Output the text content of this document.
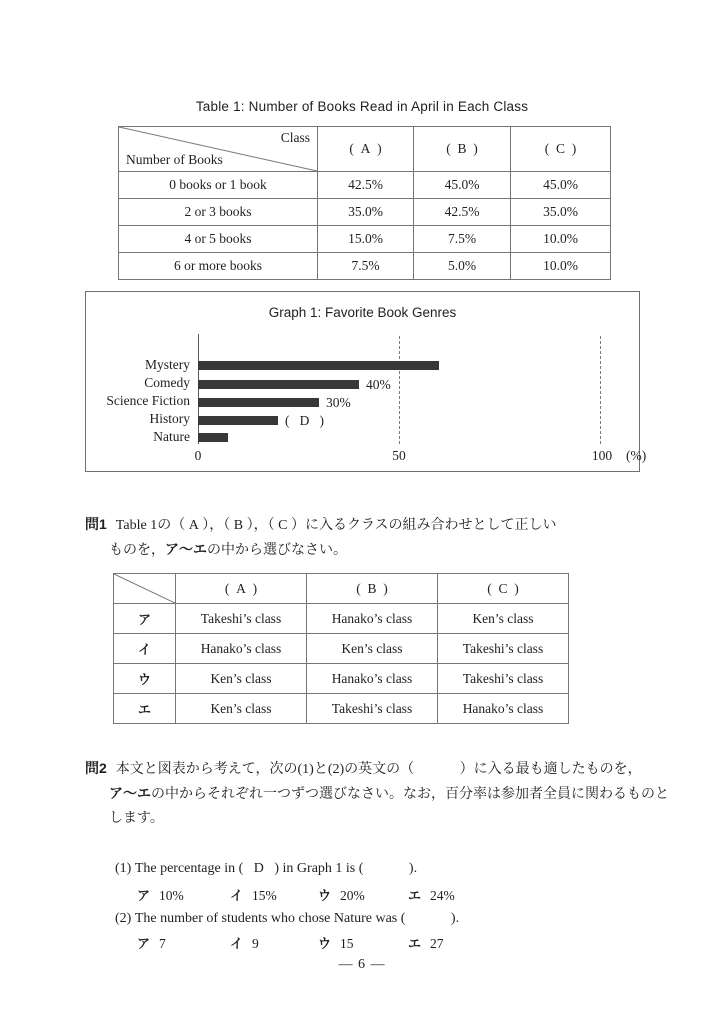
Table 1: Number of Books Read in April in Each Class
Class
Number of Books	(  A  )	(  B  )	(  C  )
0 books or 1 book	42.5%	45.0%	45.0%
2 or 3 books	35.0%	42.5%	35.0%
4 or 5 books	15.0%	7.5%	10.0%
6 or more books	7.5%	5.0%	10.0%
Graph 1: Favorite Book Genres
Mystery
Comedy
Science Fiction
History
Nature
40%
30%
(   D   )
0	50	100	(%)
問1 Table 1の（ A ），（ B ），（ C ）に入るクラスの組み合わせとして正しい
ものを，ア～エの中から選びなさい。
	(  A  )	(  B  )	(  C  )
ア	Takeshi’s class	Hanako’s class	Ken’s class
イ	Hanako’s class	Ken’s class	Takeshi’s class
ウ	Ken’s class	Hanako’s class	Takeshi’s class
エ	Ken’s class	Takeshi’s class	Hanako’s class
問2 本文と図表から考えて，次の(1)と(2)の英文の（             ）に入る最も適したものを，
ア～エの中からそれぞれ一つずつ選びなさい。なお，百分率は参加者全員に関わるものと
します。
(1) The percentage in (   D   ) in Graph 1 is (             ).
ア 10%	イ 15%	ウ 20%	エ 24%
(2) The number of students who chose Nature was (             ).
ア 7	イ 9	ウ 15	エ 27
— 6 —
